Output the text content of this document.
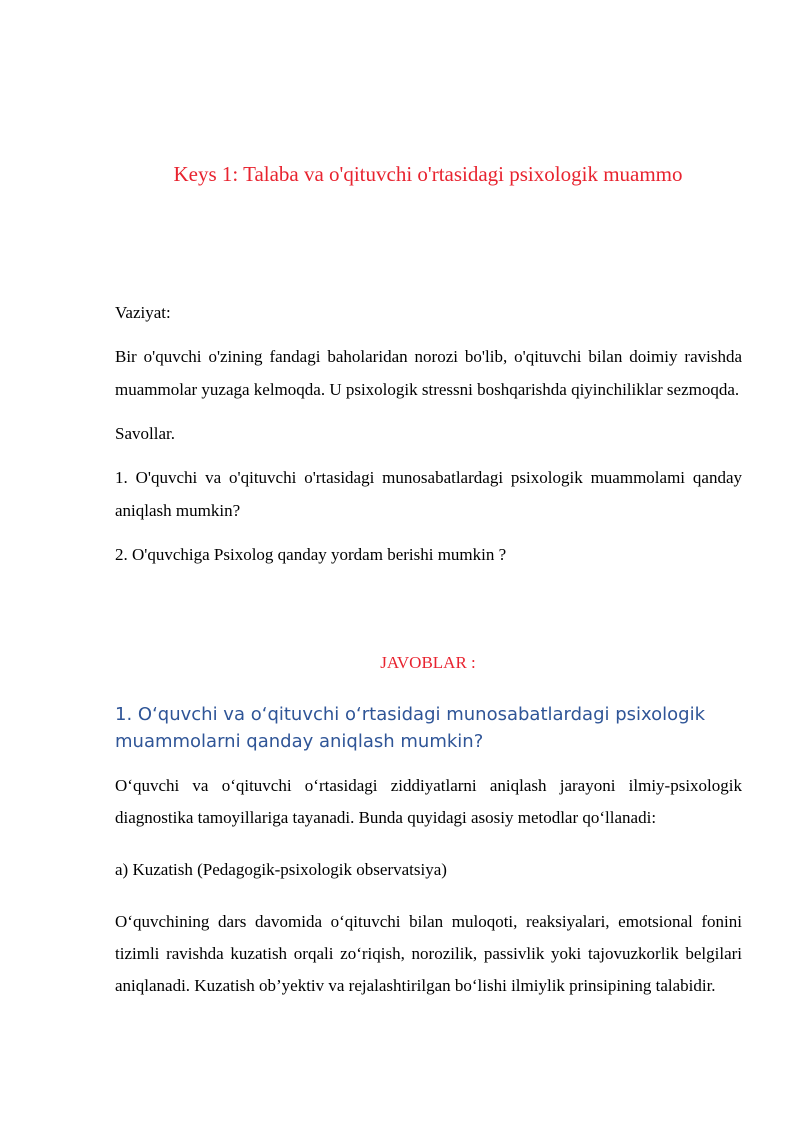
Keys 1: Talaba va o'qituvchi o'rtasidagi psixologik muammo

Vaziyat:

Bir o'quvchi o'zining fandagi baholaridan norozi bo'lib, o'qituvchi bilan doimiy ravishda muammolar yuzaga kelmoqda. U psixologik stressni boshqarishda qiyinchiliklar sezmoqda.

Savollar.

1. O'quvchi va o'qituvchi o'rtasidagi munosabatlardagi psixologik muammolami qanday aniqlash mumkin?

2. O'quvchiga Psixolog qanday yordam berishi mumkin ?

JAVOBLAR :

1. O‘quvchi va o‘qituvchi o‘rtasidagi munosabatlardagi psixologik muammolarni qanday aniqlash mumkin?

O‘quvchi va o‘qituvchi o‘rtasidagi ziddiyatlarni aniqlash jarayoni ilmiy-psixologik diagnostika tamoyillariga tayanadi. Bunda quyidagi asosiy metodlar qo‘llanadi:

a) Kuzatish (Pedagogik-psixologik observatsiya)

O‘quvchining dars davomida o‘qituvchi bilan muloqoti, reaksiyalari, emotsional fonini tizimli ravishda kuzatish orqali zo‘riqish, norozilik, passivlik yoki tajovuzkorlik belgilari aniqlanadi. Kuzatish ob’yektiv va rejalashtirilgan bo‘lishi ilmiylik prinsipining talabidir.
